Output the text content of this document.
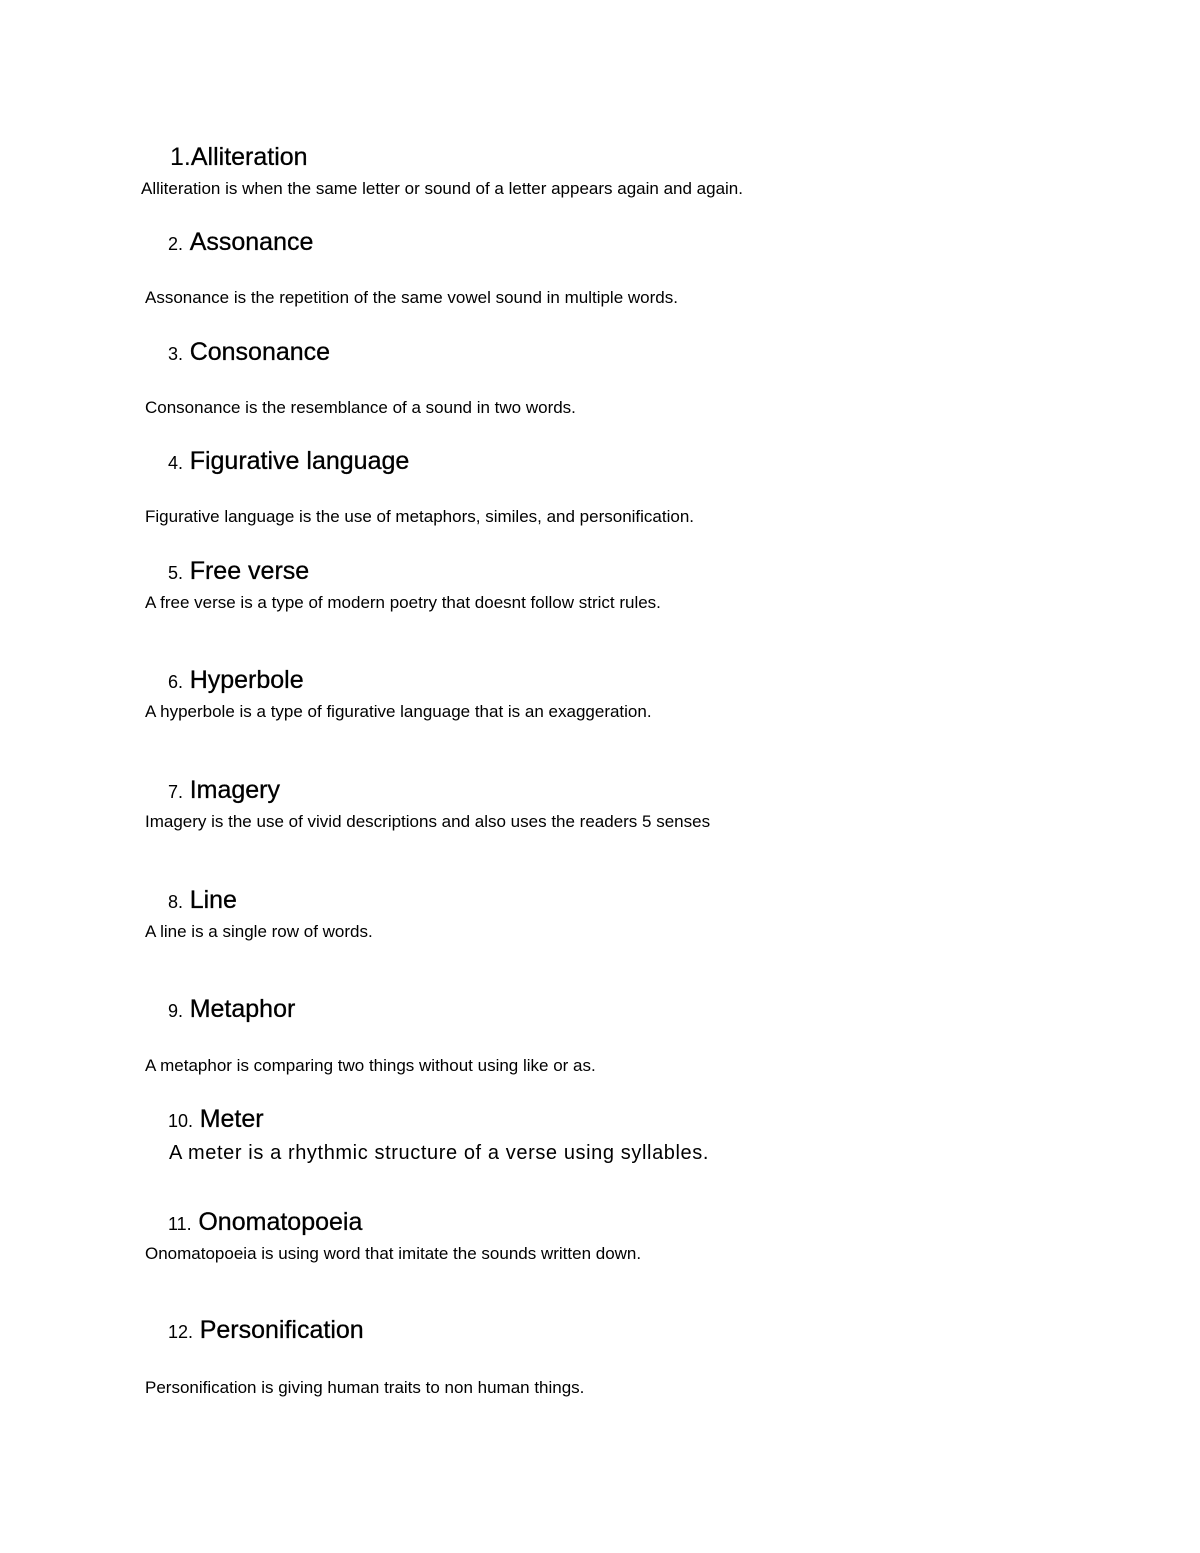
1.Alliteration

Alliteration is when the same letter or sound of a letter appears again and again.

2. Assonance

Assonance is the repetition of the same vowel sound in multiple words.

3. Consonance

Consonance is the resemblance of a sound in two words.

4. Figurative language

Figurative language is the use of metaphors, similes, and personification.

5. Free verse

A free verse is a type of modern poetry that doesnt follow strict rules.

6. Hyperbole

A hyperbole is a type of figurative language that is an exaggeration.

7. Imagery

Imagery is the use of vivid descriptions and also uses the readers 5 senses

8. Line

A line is a single row of words.

9. Metaphor

A metaphor is comparing two things without using like or as.

10. Meter

A meter is a rhythmic structure of a verse using syllables.

11. Onomatopoeia

Onomatopoeia is using word that imitate the sounds written down.

12. Personification

Personification is giving human traits to non human things.
